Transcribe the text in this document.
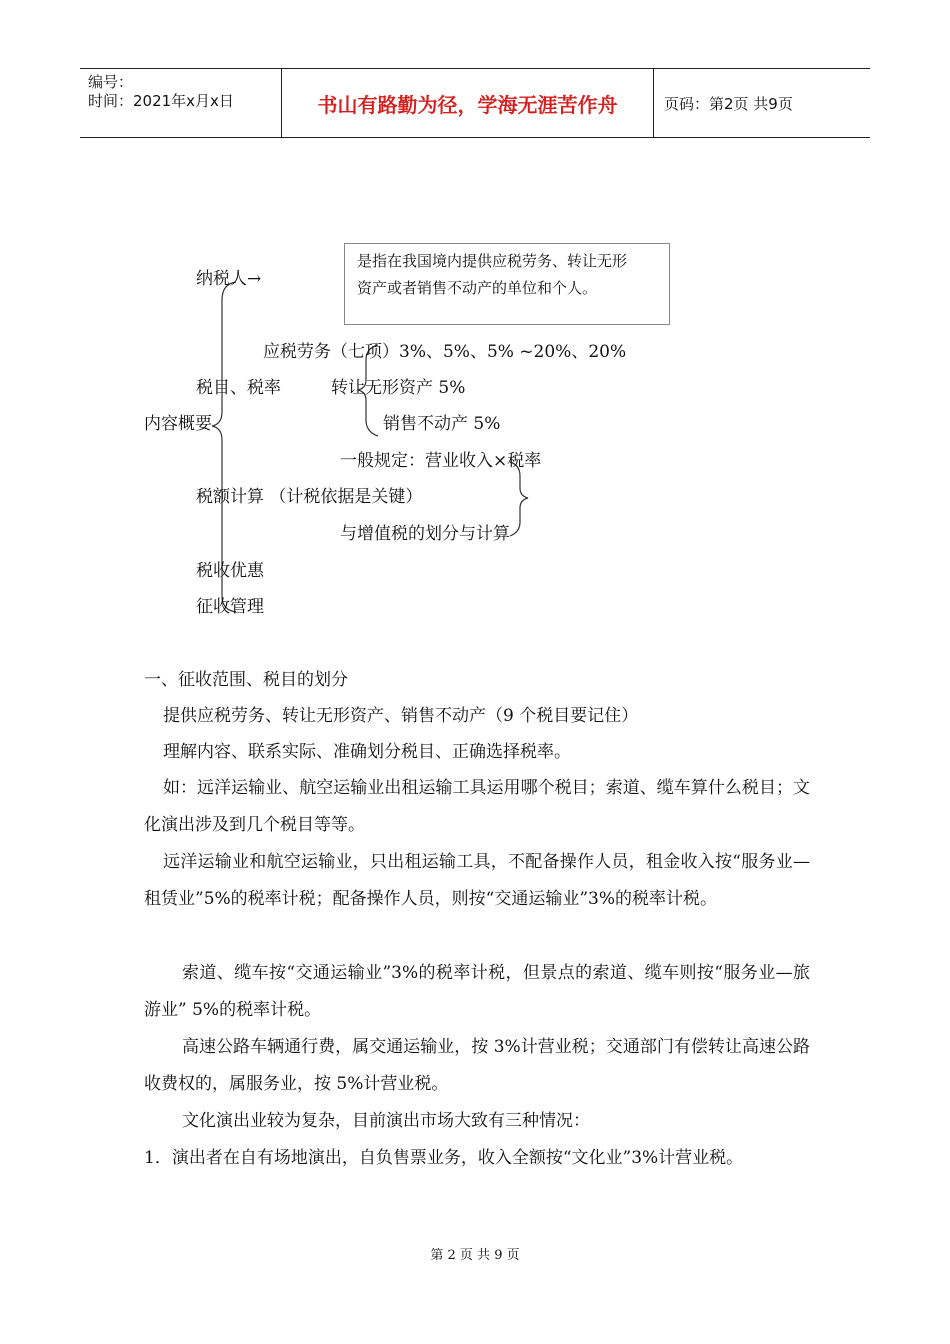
编号：
时间：2021年x月x日	书山有路勤为径，学海无涯苦作舟	页码：第2页 共9页
纳税人→
是指在我国境内提供应税劳务、转让无形
资产或者销售不动产的单位和个人。
应税劳务（七项）3%、5%、5% ~20%、20%
税目、税率	转让无形资产 5%
内容概要	销售不动产 5%
一般规定：营业收入×税率
税额计算 （计税依据是关键）
与增值税的划分与计算
税收优惠
征收管理
一、征收范围、税目的划分
提供应税劳务、转让无形资产、销售不动产（9 个税目要记住）
理解内容、联系实际、准确划分税目、正确选择税率。
如：远洋运输业、航空运输业出租运输工具运用哪个税目；索道、缆车算什么税目；文化演出涉及到几个税目等等。
远洋运输业和航空运输业，只出租运输工具，不配备操作人员，租金收入按“服务业—租赁业”5%的税率计税；配备操作人员，则按“交通运输业”3%的税率计税。
索道、缆车按“交通运输业”3%的税率计税，但景点的索道、缆车则按“服务业—旅游业” 5%的税率计税。
高速公路车辆通行费，属交通运输业，按 3%计营业税；交通部门有偿转让高速公路收费权的，属服务业，按 5%计营业税。
文化演出业较为复杂，目前演出市场大致有三种情况：
1．演出者在自有场地演出，自负售票业务，收入全额按“文化业”3%计营业税。
第 2 页 共 9 页
